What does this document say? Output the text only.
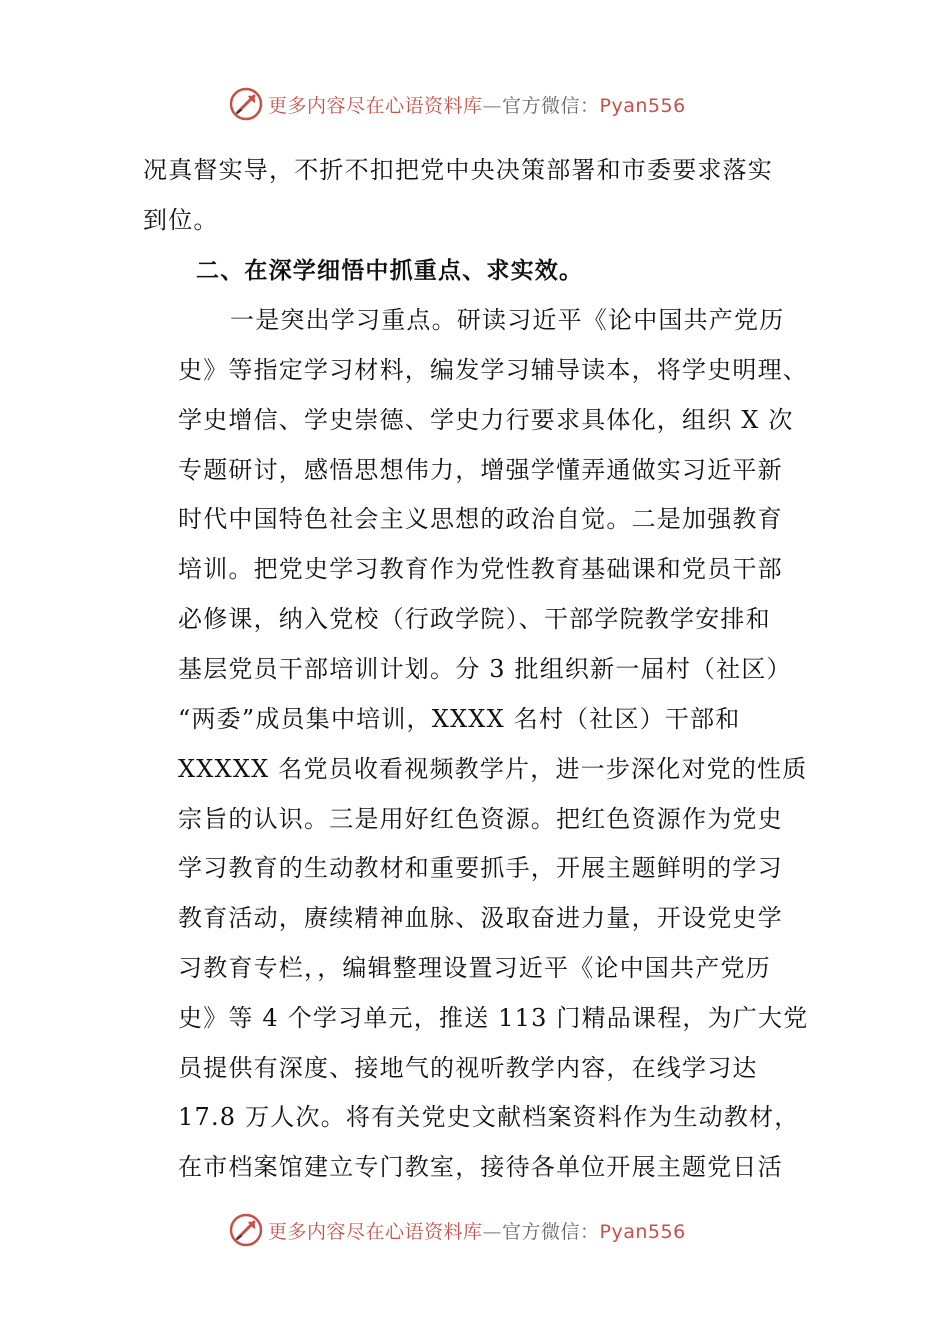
更多内容尽在心语资料库—官方微信：Pyan556
况真督实导，不折不扣把党中央决策部署和市委要求落实
到位。
二、在深学细悟中抓重点、求实效。
一是突出学习重点。研读习近平《论中国共产党历
史》等指定学习材料，编发学习辅导读本，将学史明理、
学史增信、学史崇德、学史力行要求具体化，组织 X 次
专题研讨，感悟思想伟力，增强学懂弄通做实习近平新
时代中国特色社会主义思想的政治自觉。二是加强教育
培训。把党史学习教育作为党性教育基础课和党员干部
必修课，纳入党校（行政学院）、干部学院教学安排和
基层党员干部培训计划。分 3 批组织新一届村（社区）
“两委”成员集中培训，XXXX 名村（社区）干部和
XXXXX 名党员收看视频教学片，进一步深化对党的性质
宗旨的认识。三是用好红色资源。把红色资源作为党史
学习教育的生动教材和重要抓手，开展主题鲜明的学习
教育活动，赓续精神血脉、汲取奋进力量，开设党史学
习教育专栏，，编辑整理设置习近平《论中国共产党历
史》等 4 个学习单元，推送 113 门精品课程，为广大党
员提供有深度、接地气的视听教学内容，在线学习达
17.8 万人次。将有关党史文献档案资料作为生动教材，
在市档案馆建立专门教室，接待各单位开展主题党日活
更多内容尽在心语资料库—官方微信：Pyan556
